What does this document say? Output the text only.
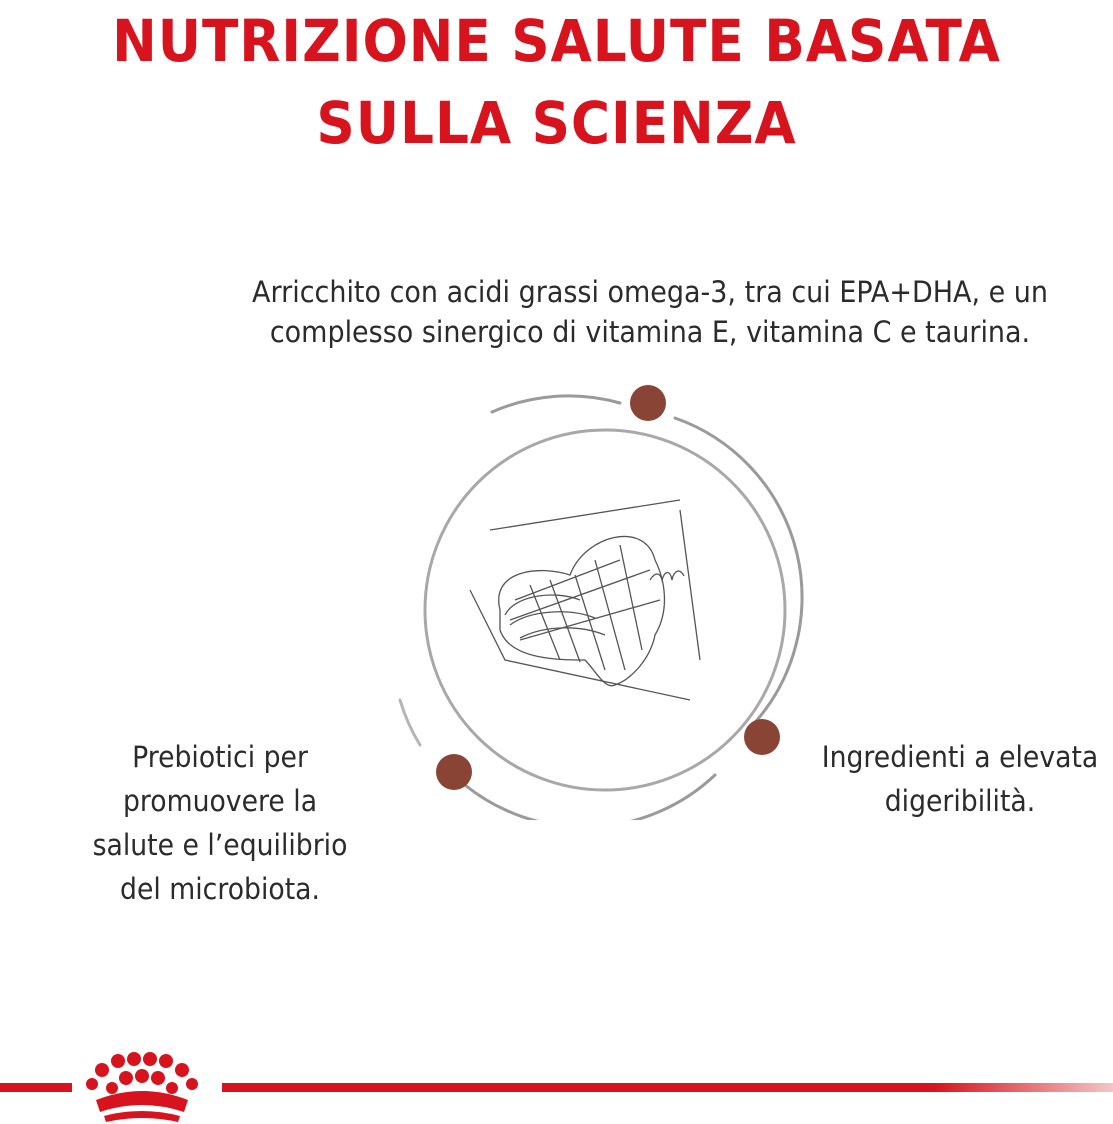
NUTRIZIONE SALUTE BASATA
SULLA SCIENZA
Arricchito con acidi grassi omega-3, tra cui EPA+DHA, e un
complesso sinergico di vitamina E, vitamina C e taurina.
Prebiotici per
promuovere la
salute e l’equilibrio
del microbiota.
Ingredienti a elevata
digeribilità.
